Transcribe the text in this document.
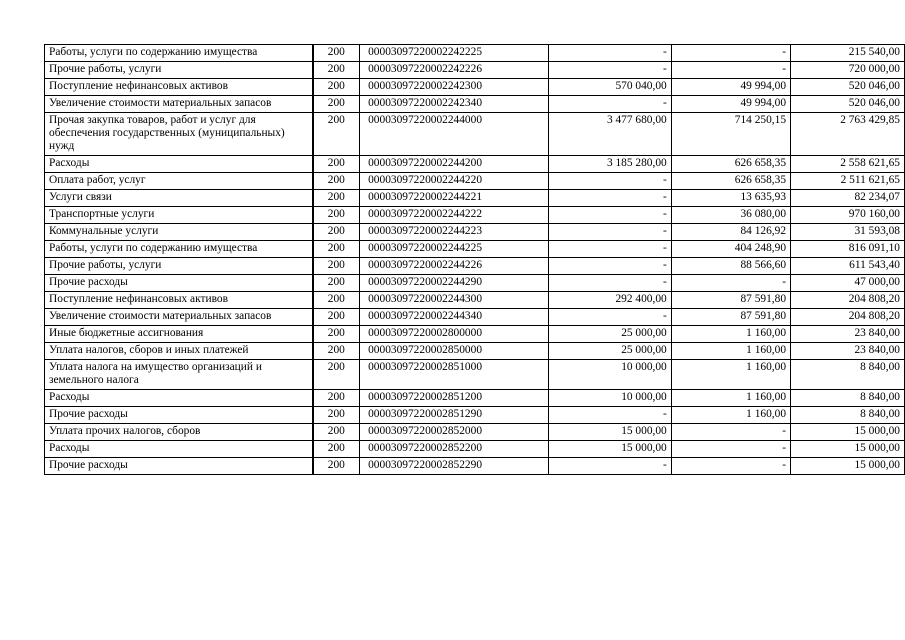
Работы, услуги по содержанию имущества	200	00003097220002242225	-	-	215 540,00
Прочие работы, услуги	200	00003097220002242226	-	-	720 000,00
Поступление нефинансовых активов	200	00003097220002242300	570 040,00	49 994,00	520 046,00
Увеличение стоимости материальных запасов	200	00003097220002242340	-	49 994,00	520 046,00
Прочая закупка товаров, работ и услуг для обеспечения государственных (муниципальных) нужд	200	00003097220002244000	3 477 680,00	714 250,15	2 763 429,85
Расходы	200	00003097220002244200	3 185 280,00	626 658,35	2 558 621,65
Оплата работ, услуг	200	00003097220002244220	-	626 658,35	2 511 621,65
Услуги связи	200	00003097220002244221	-	13 635,93	82 234,07
Транспортные услуги	200	00003097220002244222	-	36 080,00	970 160,00
Коммунальные услуги	200	00003097220002244223	-	84 126,92	31 593,08
Работы, услуги по содержанию имущества	200	00003097220002244225	-	404 248,90	816 091,10
Прочие работы, услуги	200	00003097220002244226	-	88 566,60	611 543,40
Прочие расходы	200	00003097220002244290	-	-	47 000,00
Поступление нефинансовых активов	200	00003097220002244300	292 400,00	87 591,80	204 808,20
Увеличение стоимости материальных запасов	200	00003097220002244340	-	87 591,80	204 808,20
Иные бюджетные ассигнования	200	00003097220002800000	25 000,00	1 160,00	23 840,00
Уплата налогов, сборов и иных платежей	200	00003097220002850000	25 000,00	1 160,00	23 840,00
Уплата налога на имущество организаций и земельного налога	200	00003097220002851000	10 000,00	1 160,00	8 840,00
Расходы	200	00003097220002851200	10 000,00	1 160,00	8 840,00
Прочие расходы	200	00003097220002851290	-	1 160,00	8 840,00
Уплата прочих налогов, сборов	200	00003097220002852000	15 000,00	-	15 000,00
Расходы	200	00003097220002852200	15 000,00	-	15 000,00
Прочие расходы	200	00003097220002852290	-	-	15 000,00
